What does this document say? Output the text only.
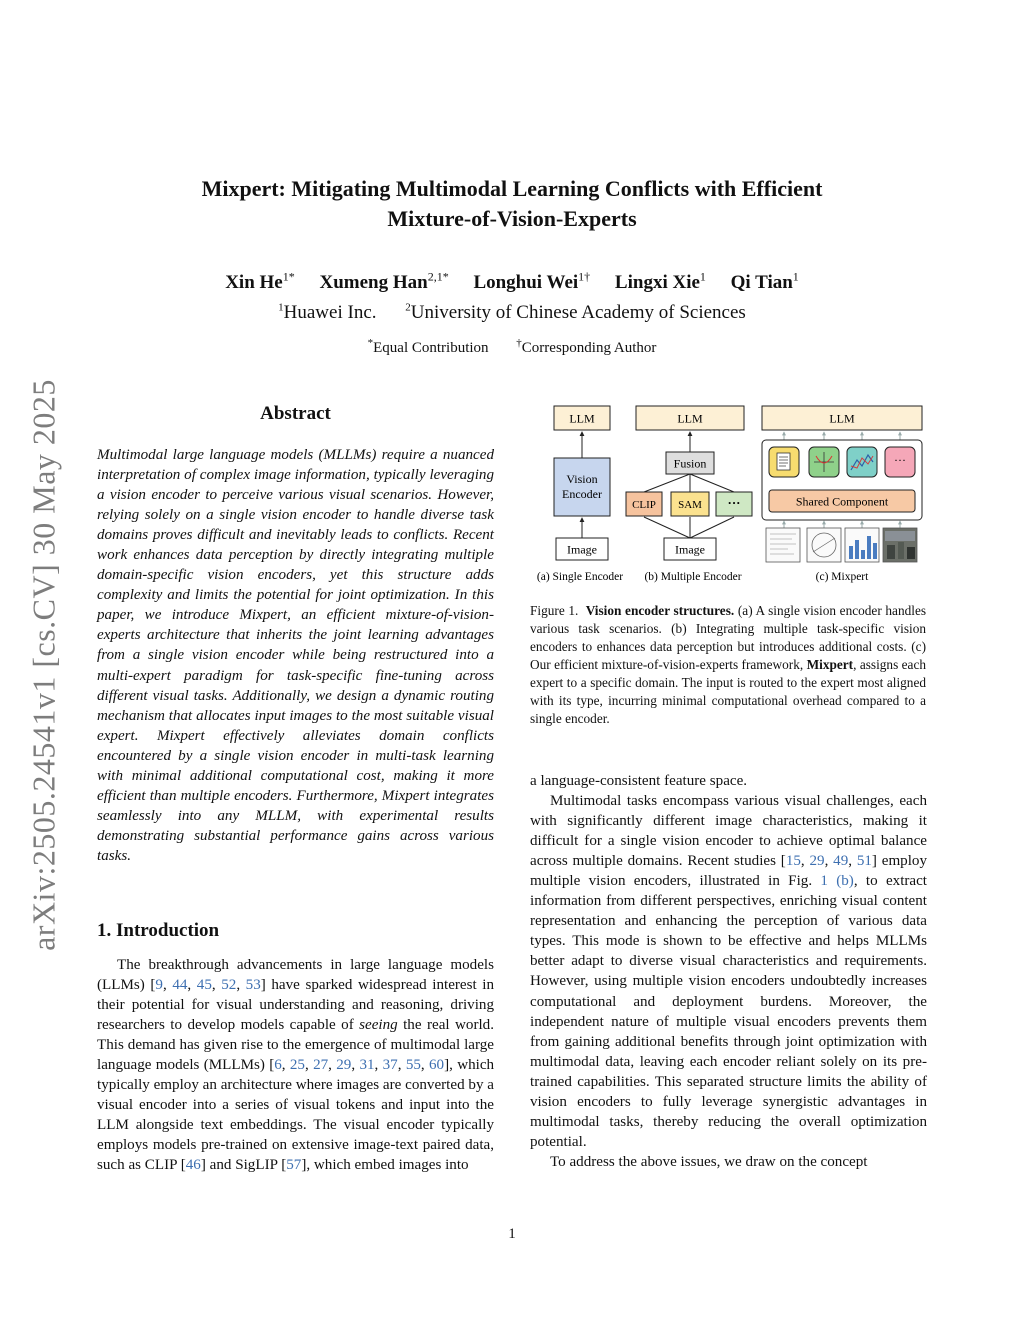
arXiv:2505.24541v1 [cs.CV] 30 May 2025
Mixpert: Mitigating Multimodal Learning Conflicts with Efficient
Mixture-of-Vision-Experts
Xin $He^{1*}$ Xumeng Han$^{2,1*}$ Longhui Wei$^{1\dagger}$ Lingxi Xie$^1$ Qi Tian$^1$
$^1$Huawei Inc.	$^2$University of Chinese Academy of Sciences
*Equal Contribution	†Corresponding Author
Abstract

Multimodal large language models (MLLMs) require a nuanced interpretation of complex image information, typically leveraging a vision encoder to perceive various visual scenarios. However, relying solely on a single vision encoder to handle diverse task domains proves difficult and inevitably leads to conflicts. Recent work enhances data perception by directly integrating multiple domain-specific vision encoders, yet this structure adds complexity and limits the potential for joint optimization. In this paper, we introduce Mixpert, an efficient mixture-of-vision-experts architecture that inherits the joint learning advantages from a single vision encoder while being restructured into a multi-expert paradigm for task-specific fine-tuning across different visual tasks. Additionally, we design a dynamic routing mechanism that allocates input images to the most suitable visual expert. Mixpert effectively alleviates domain conflicts encountered by a single vision encoder in multi-task learning with minimal additional computational cost, making it more efficient than multiple encoders. Furthermore, Mixpert integrates seamlessly into any MLLM, with experimental results demonstrating substantial performance gains across various tasks.

1. Introduction

The breakthrough advancements in large language models (LLMs) [9, 44, 45, 52, 53] have sparked widespread interest in their potential for visual understanding and reasoning, driving researchers to develop models capable of seeing the real world. This demand has given rise to the emergence of multimodal large language models (MLLMs) [6, 25, 27, 29, 31, 37, 55, 60], which typically employ an architecture where images are converted by a visual encoder into a series of visual tokens and input into the LLM alongside text embeddings. The visual encoder typically employs models pre-trained on extensive image-text paired data, such as CLIP [46] and SigLIP [57], which embed images into

LLM
Vision
Encoder
Image
(a) Single Encoder
LLM
Fusion
CLIP SAM ···
Image
(b) Multiple Encoder
LLM
···
Shared Component
(c) Mixpert
Figure 1. Vision encoder structures. (a) A single vision encoder handles various task scenarios. (b) Integrating multiple task-specific vision encoders to enhances data perception but introduces additional costs. (c) Our efficient mixture-of-vision-experts framework, Mixpert, assigns each expert to a specific domain. The input is routed to the expert most aligned with its type, incurring minimal computational overhead compared to a single encoder.

a language-consistent feature space.

Multimodal tasks encompass various visual challenges, each with significantly different image characteristics, making it difficult for a single vision encoder to achieve optimal balance across multiple domains. Recent studies [15, 29, 49, 51] employ multiple vision encoders, illustrated in Fig. 1 (b), to extract information from different perspectives, enriching visual content representation and enhancing the perception of various data types. This mode is shown to be effective and helps MLLMs better adapt to diverse visual characteristics and requirements. However, using multiple vision encoders undoubtedly increases computational and deployment burdens. Moreover, the independent nature of multiple visual encoders prevents them from gaining additional benefits through joint optimization with multimodal data, leaving each encoder reliant solely on its pre-trained capabilities. This separated structure limits the ability of vision encoders to fully leverage synergistic advantages in multimodal tasks, thereby reducing the overall optimization potential.

To address the above issues, we draw on the concept

1
